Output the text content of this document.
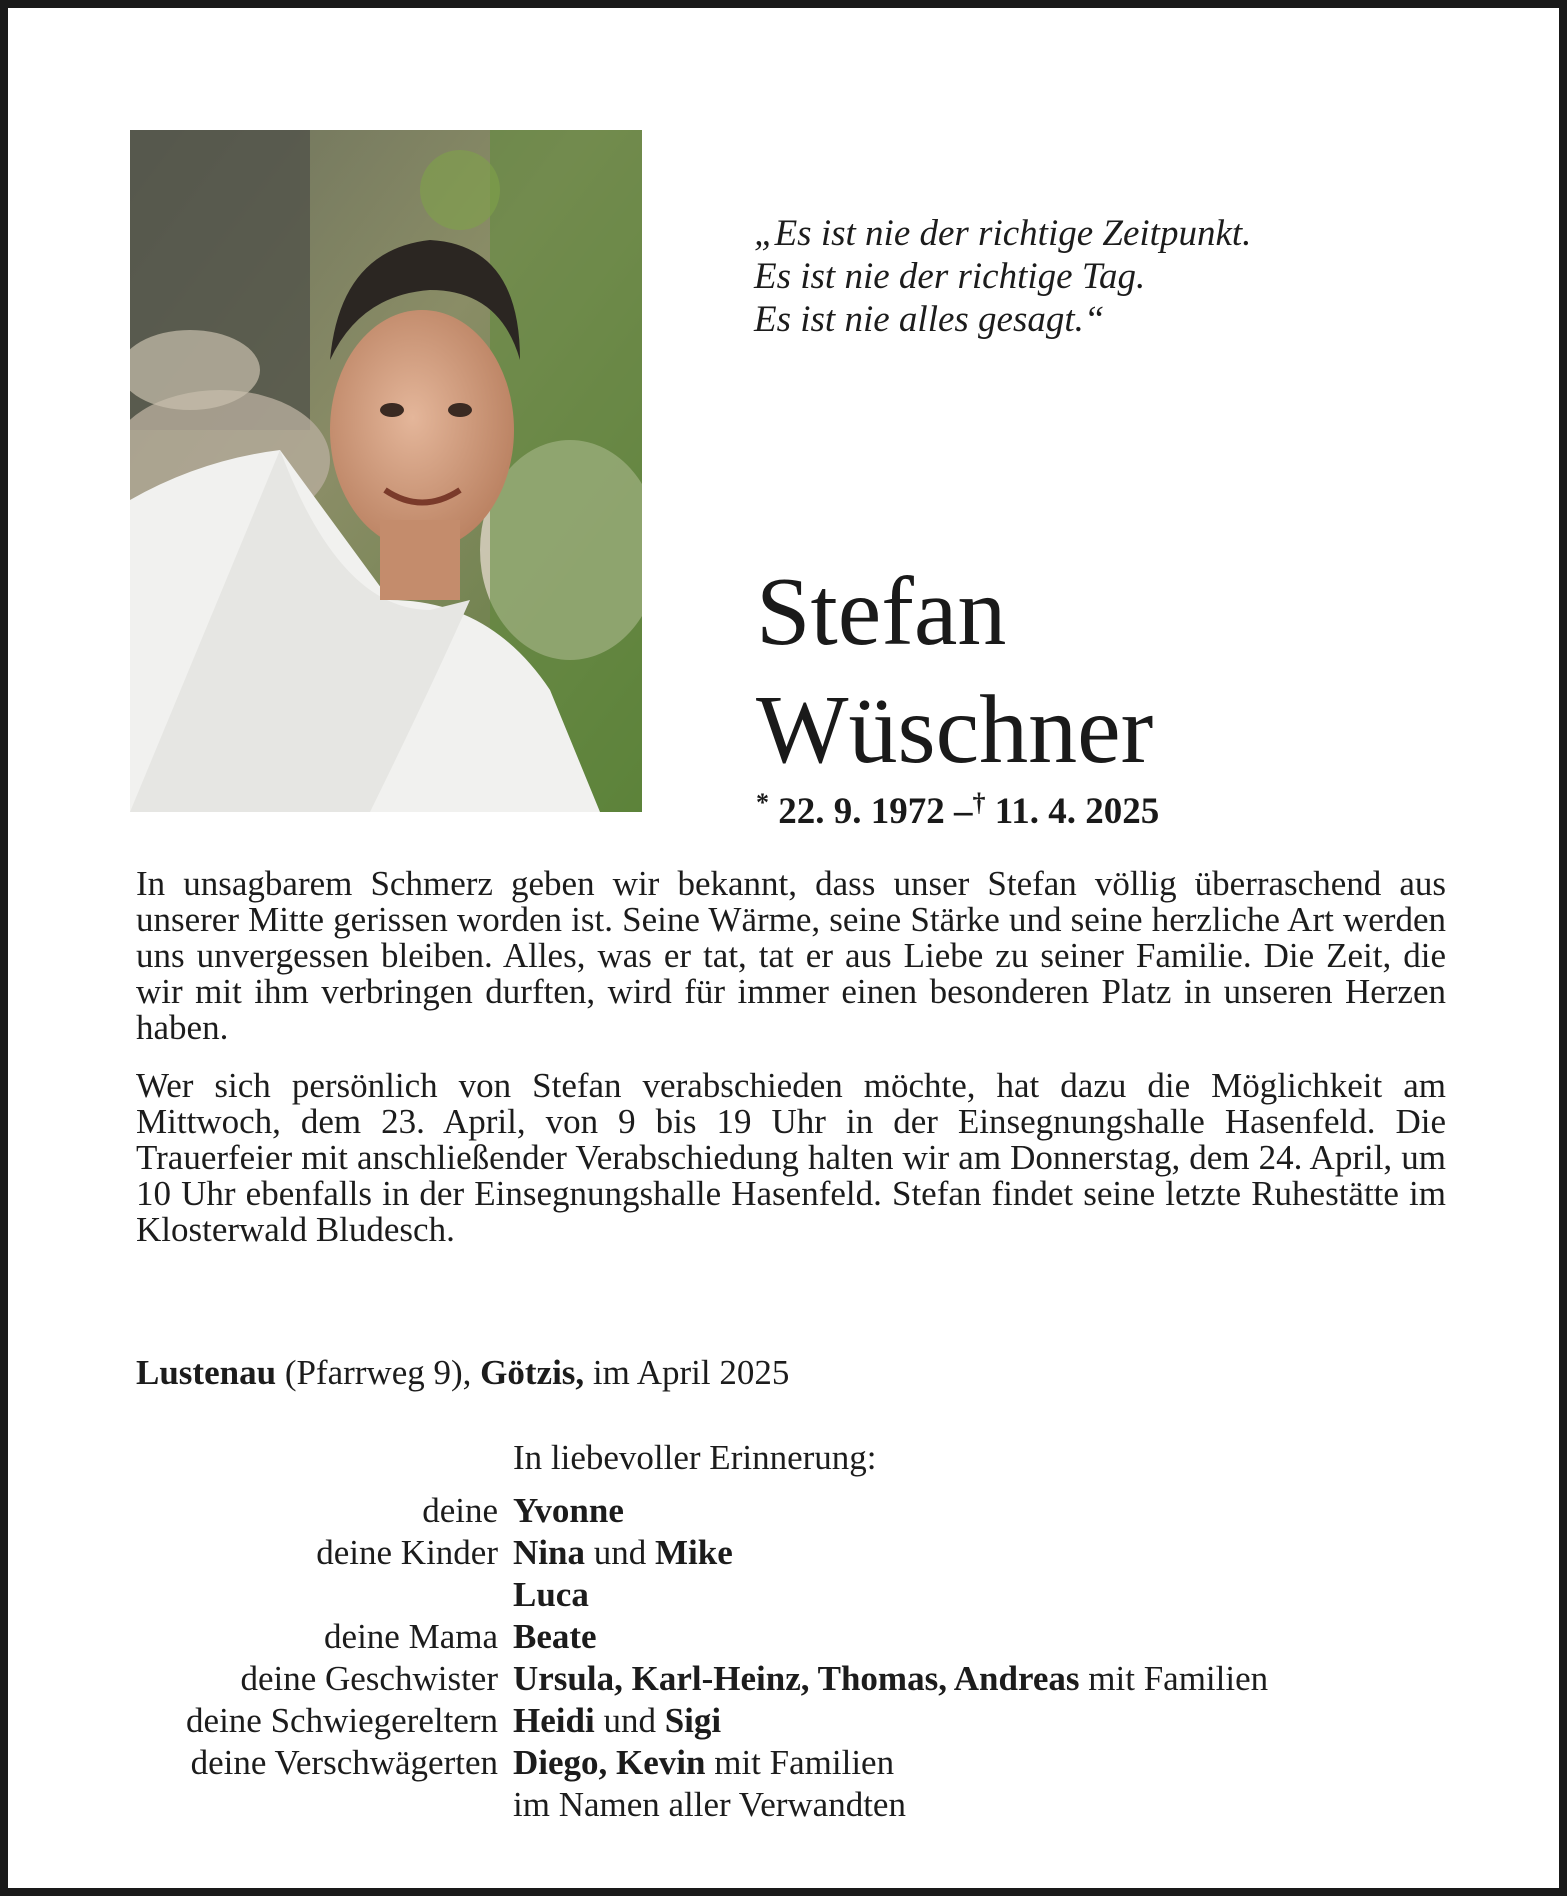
„Es ist nie der richtige Zeitpunkt.
Es ist nie der richtige Tag.
Es ist nie alles gesagt.“
Stefan
Wüschner
* 22. 9. 1972 –† 11. 4. 2025

In unsagbarem Schmerz geben wir bekannt, dass unser Stefan völlig überraschend aus unserer Mitte gerissen worden ist. Seine Wärme, seine Stärke und seine herzliche Art werden uns unvergessen bleiben. Alles, was er tat, tat er aus Liebe zu seiner Familie. Die Zeit, die wir mit ihm verbringen durften, wird für immer einen besonderen Platz in unseren Herzen haben.

Wer sich persönlich von Stefan verabschieden möchte, hat dazu die Möglichkeit am Mittwoch, dem 23. April, von 9 bis 19 Uhr in der Einsegnungshalle Hasenfeld. Die Trauerfeier mit anschließender Verabschiedung halten wir am Donnerstag, dem 24. April, um 10 Uhr ebenfalls in der Einsegnungshalle Hasenfeld. Stefan findet seine letzte Ruhestätte im Klosterwald Bludesch.

Lustenau (Pfarrweg 9), Götzis, im April 2025
In liebevoller Erinnerung:
deine Yvonne
deine Kinder Nina und Mike
Luca
deine Mama Beate
deine Geschwister Ursula, Karl-Heinz, Thomas, Andreas mit Familien
deine Schwiegereltern Heidi und Sigi
deine Verschwägerten Diego, Kevin mit Familien
im Namen aller Verwandten
